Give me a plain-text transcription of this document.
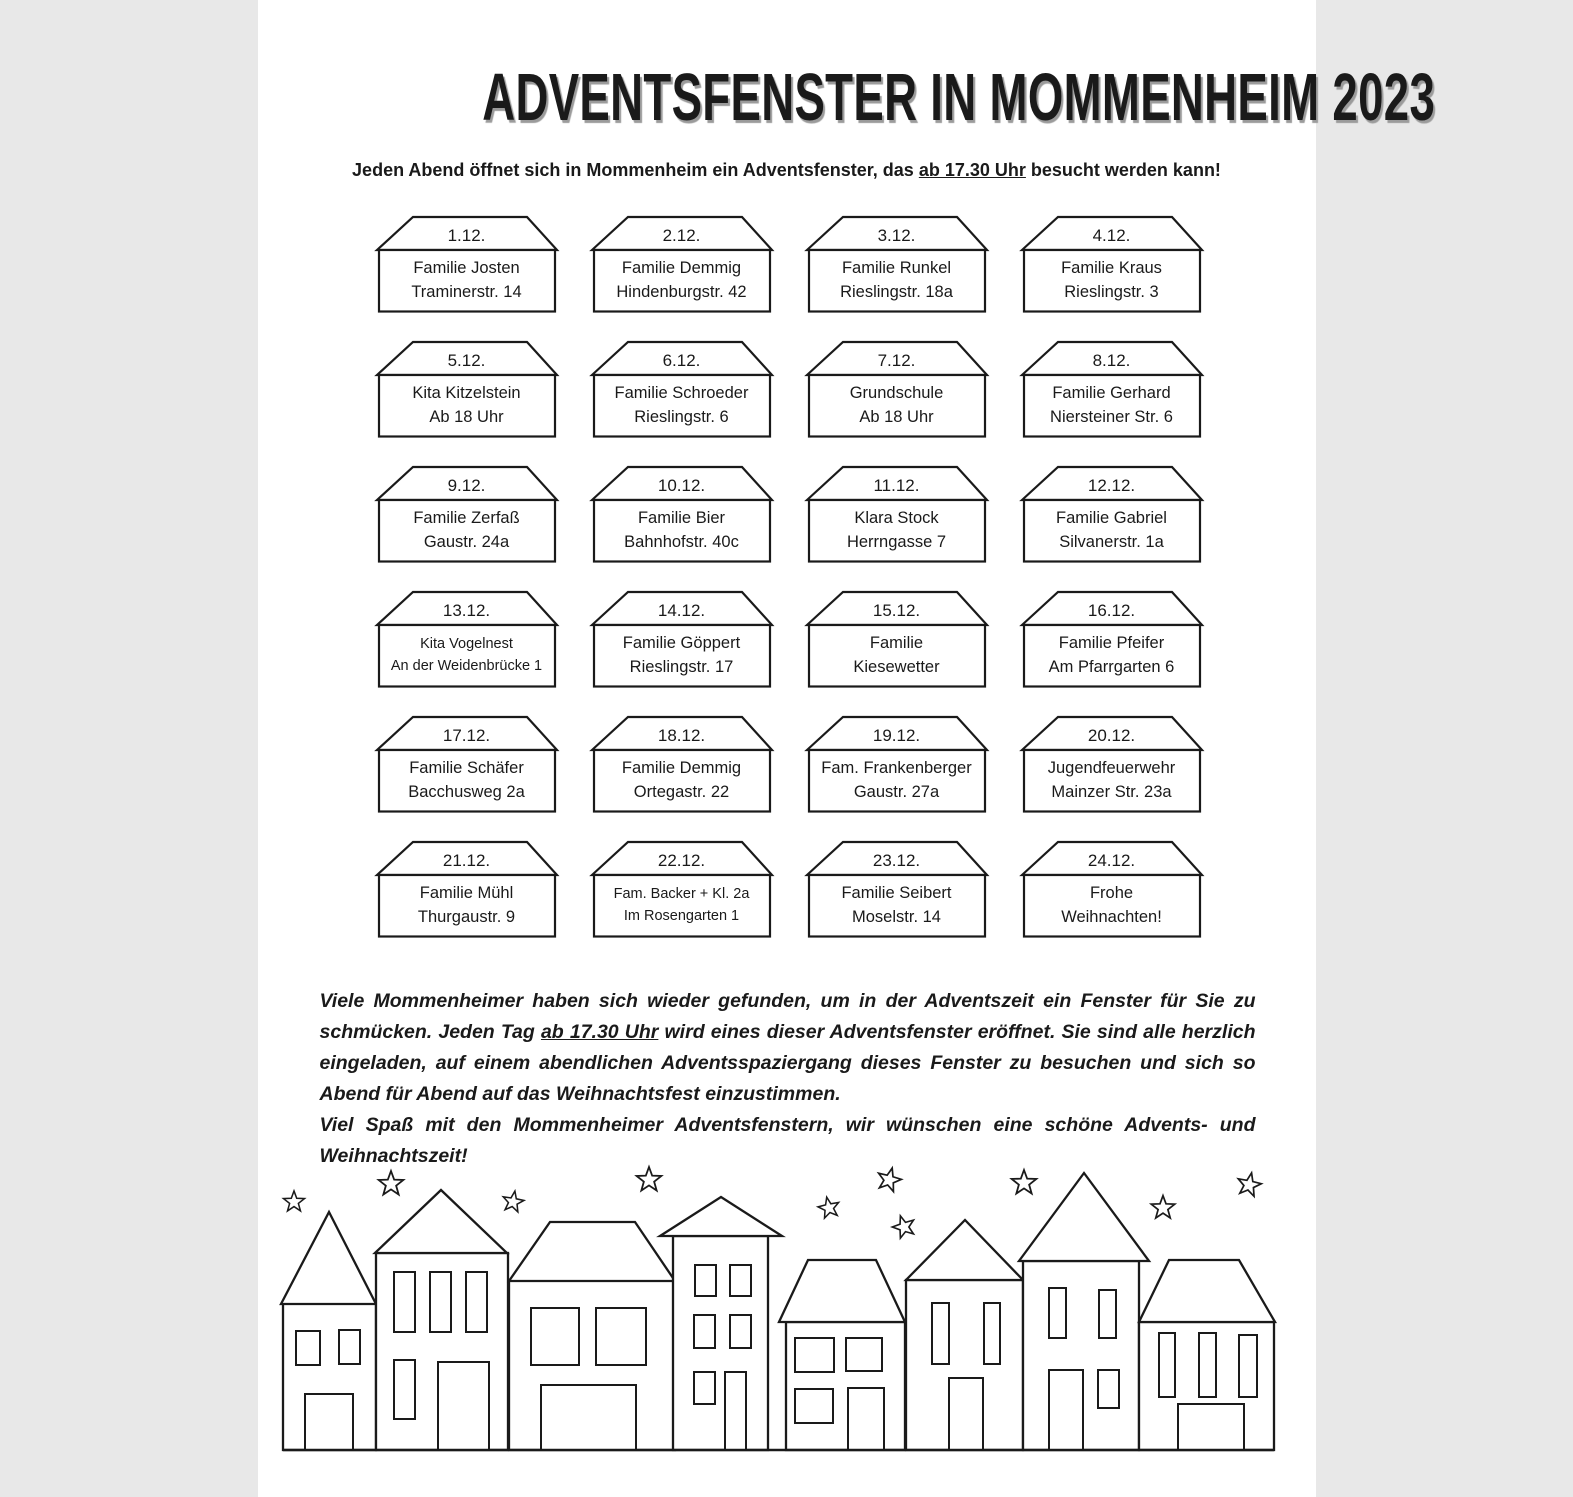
ADVENTSFENSTER IN MOMMENHEIM 2023

Jeden Abend öffnet sich in Mommenheim ein Adventsfenster, das ab 17.30 Uhr besucht werden kann!

1.12.
Familie Josten
Traminerstr. 14
2.12.
Familie Demmig
Hindenburgstr. 42
3.12.
Familie Runkel
Rieslingstr. 18a
4.12.
Familie Kraus
Rieslingstr. 3
5.12.
Kita Kitzelstein
Ab 18 Uhr
6.12.
Familie Schroeder
Rieslingstr. 6
7.12.
Grundschule
Ab 18 Uhr
8.12.
Familie Gerhard
Niersteiner Str. 6
9.12.
Familie Zerfaß
Gaustr. 24a
10.12.
Familie Bier
Bahnhofstr. 40c
11.12.
Klara Stock
Herrngasse 7
12.12.
Familie Gabriel
Silvanerstr. 1a
13.12.
Kita Vogelnest
An der Weidenbrücke 1
14.12.
Familie Göppert
Rieslingstr. 17
15.12.
Familie
Kiesewetter
16.12.
Familie Pfeifer
Am Pfarrgarten 6
17.12.
Familie Schäfer
Bacchusweg 2a
18.12.
Familie Demmig
Ortegastr. 22
19.12.
Fam. Frankenberger
Gaustr. 27a
20.12.
Jugendfeuerwehr
Mainzer Str. 23a
21.12.
Familie Mühl
Thurgaustr. 9
22.12.
Fam. Backer + Kl. 2a
Im Rosengarten 1
23.12.
Familie Seibert
Moselstr. 14
24.12.
Frohe
Weihnachten!

Viele Mommenheimer haben sich wieder gefunden, um in der Adventszeit ein Fenster für Sie zu schmücken. Jeden Tag ab 17.30 Uhr wird eines dieser Adventsfenster eröffnet. Sie sind alle herzlich eingeladen, auf einem abendlichen Adventsspaziergang dieses Fenster zu besuchen und sich so Abend für Abend auf das Weihnachtsfest einzustimmen.

Viel Spaß mit den Mommenheimer Adventsfenstern, wir wünschen eine schöne Advents- und Weihnachtszeit!
